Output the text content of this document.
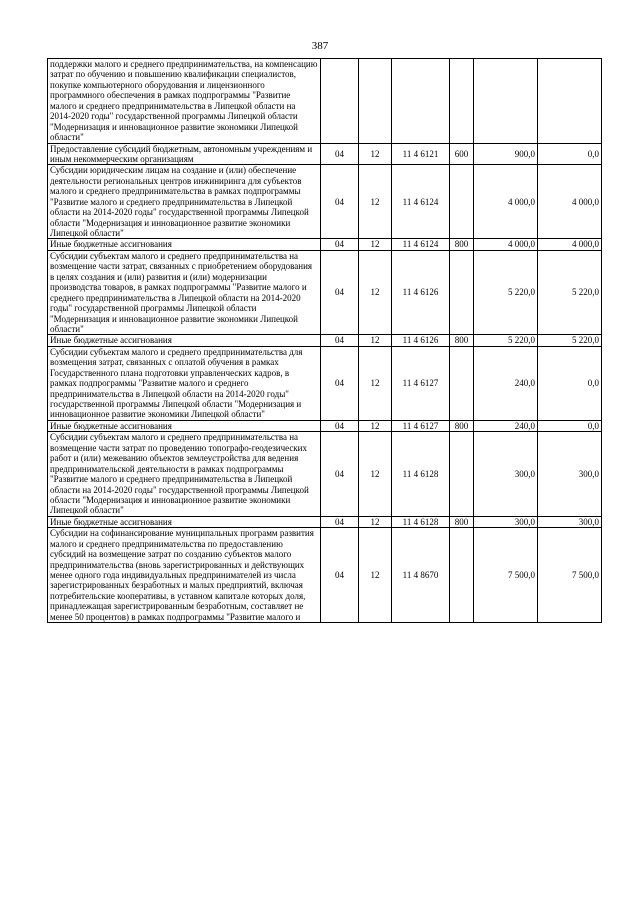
387
поддержки малого и среднего предпринимательства, на компенсацию затрат по обучению и повышению квалификации специалистов, покупке компьютерного оборудования и лицензионного программного обеспечения в рамках подпрограммы "Развитие малого и среднего предпринимательства в Липецкой области на 2014-2020 годы" государственной программы Липецкой области "Модернизация и инновационное развитие экономики Липецкой области"						
Предоставление субсидий бюджетным, автономным учреждениям и иным некоммерческим организациям	04	12	11 4 6121	600	900,0	0,0
Субсидии юридическим лицам на создание и (или) обеспечение деятельности региональных центров инжиниринга для субъектов малого и среднего предпринимательства в рамках подпрограммы "Развитие малого и среднего предпринимательства в Липецкой области на 2014-2020 годы" государственной программы Липецкой области "Модернизация и инновационное развитие экономики Липецкой области"	04	12	11 4 6124		4 000,0	4 000,0
Иные бюджетные ассигнования	04	12	11 4 6124	800	4 000,0	4 000,0
Субсидии субъектам малого и среднего предпринимательства на возмещение части затрат, связанных с приобретением оборудования в целях создания и (или) развития и (или) модернизации производства товаров, в рамках подпрограммы "Развитие малого и среднего предпринимательства в Липецкой области на 2014-2020 годы" государственной программы Липецкой области "Модернизация и инновационное развитие экономики Липецкой области"	04	12	11 4 6126		5 220,0	5 220,0
Иные бюджетные ассигнования	04	12	11 4 6126	800	5 220,0	5 220,0
Субсидии субъектам малого и среднего предпринимательства для возмещения затрат, связанных с оплатой обучения в рамках Государственного плана подготовки управленческих кадров, в рамках подпрограммы "Развитие малого и среднего предпринимательства в Липецкой области на 2014-2020 годы" государственной программы Липецкой области "Модернизация и инновационное развитие экономики Липецкой области"	04	12	11 4 6127		240,0	0,0
Иные бюджетные ассигнования	04	12	11 4 6127	800	240,0	0,0
Субсидии субъектам малого и среднего предпринимательства на возмещение части затрат по проведению топографо-геодезических работ и (или) межеванию объектов землеустройства для ведения предпринимательской деятельности в рамках подпрограммы "Развитие малого и среднего предпринимательства в Липецкой области на 2014-2020 годы" государственной программы Липецкой области "Модернизация и инновационное развитие экономики Липецкой области"	04	12	11 4 6128		300,0	300,0
Иные бюджетные ассигнования	04	12	11 4 6128	800	300,0	300,0
Субсидии на софинансирование муниципальных программ развития малого и среднего предпринимательства по предоставлению субсидий на возмещение затрат по созданию субъектов малого предпринимательства (вновь зарегистрированных и действующих менее одного года индивидуальных предпринимателей из числа зарегистрированных безработных и малых предприятий, включая потребительские кооперативы, в уставном капитале которых доля, принадлежащая зарегистрированным безработным, составляет не менее 50 процентов) в рамках подпрограммы "Развитие малого и	04	12	11 4 8670		7 500,0	7 500,0
